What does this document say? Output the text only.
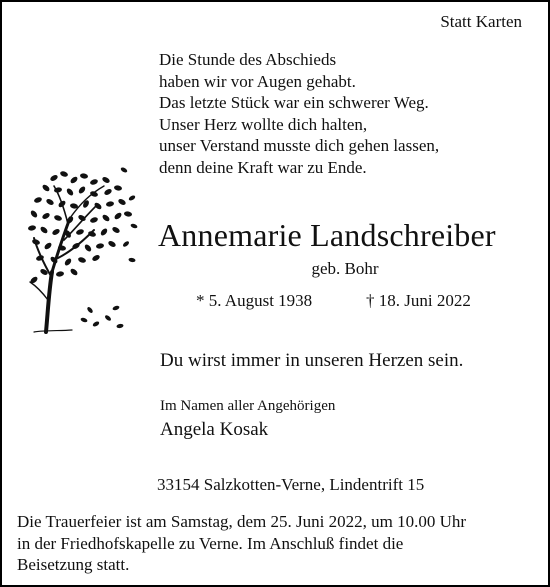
Statt Karten
Die Stunde des Abschieds
haben wir vor Augen gehabt.
Das letzte Stück war ein schwerer Weg.
Unser Herz wollte dich halten,
unser Verstand musste dich gehen lassen,
denn deine Kraft war zu Ende.
Annemarie Landschreiber
geb. Bohr
* 5. August 1938	† 18. Juni 2022
Du wirst immer in unseren Herzen sein.
Im Namen aller Angehörigen
Angela Kosak
33154 Salzkotten-Verne, Lindentrift 15
Die Trauerfeier ist am Samstag, dem 25. Juni 2022, um 10.00 Uhr
in der Friedhofskapelle zu Verne. Im Anschluß findet die
Beisetzung statt.
